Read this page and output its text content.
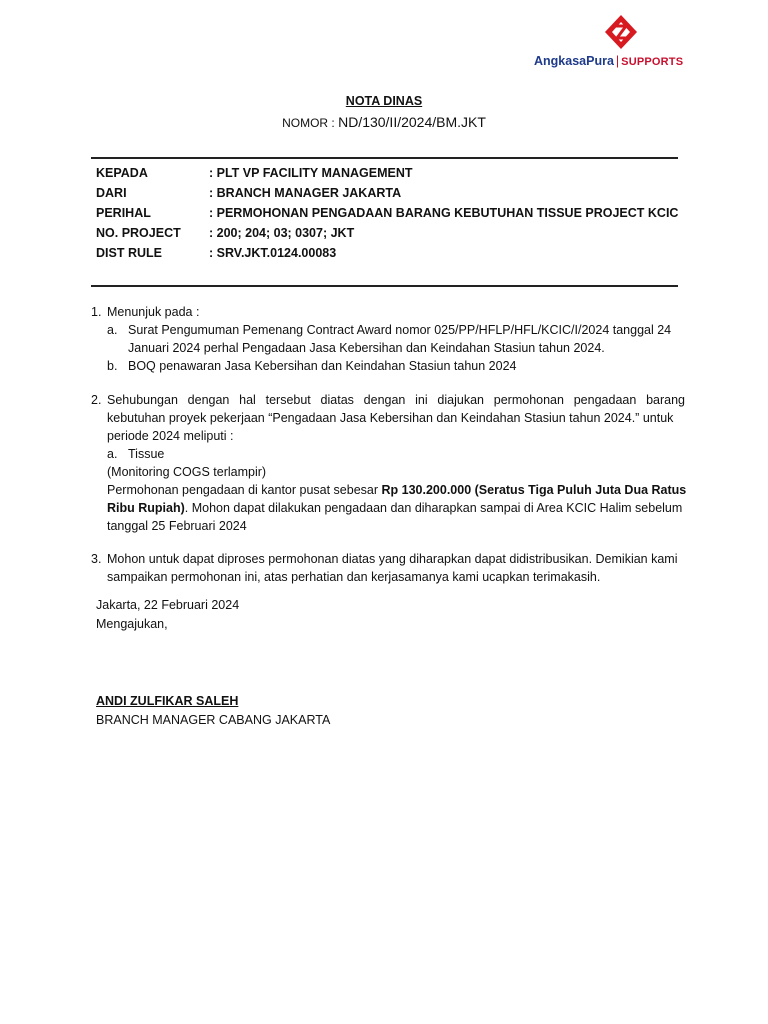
AngkasaPura | SUPPORTS
NOTA DINAS
NOMOR : ND/130/II/2024/BM.JKT
KEPADA	: PLT VP FACILITY MANAGEMENT
DARI	: BRANCH MANAGER JAKARTA
PERIHAL	: PERMOHONAN PENGADAAN BARANG KEBUTUHAN TISSUE PROJECT KCIC
NO. PROJECT : 200; 204; 03; 0307; JKT
DIST RULE	: SRV.JKT.0124.00083
1. Menunjuk pada :
a. Surat Pengumuman Pemenang Contract Award nomor 025/PP/HFLP/HFL/KCIC/I/2024 tanggal 24
Januari 2024 perhal Pengadaan Jasa Kebersihan dan Keindahan Stasiun tahun 2024.
b. BOQ penawaran Jasa Kebersihan dan Keindahan Stasiun tahun 2024
2. Sehubungan dengan hal tersebut diatas dengan ini diajukan permohonan pengadaan barang
kebutuhan proyek pekerjaan “Pengadaan Jasa Kebersihan dan Keindahan Stasiun tahun 2024.” untuk
periode 2024 meliputi :
a. Tissue
(Monitoring COGS terlampir)
Permohonan pengadaan di kantor pusat sebesar Rp 130.200.000 (Seratus Tiga Puluh Juta Dua Ratus
Ribu Rupiah). Mohon dapat dilakukan pengadaan dan diharapkan sampai di Area KCIC Halim sebelum
tanggal 25 Februari 2024
3. Mohon untuk dapat diproses permohonan diatas yang diharapkan dapat didistribusikan. Demikian kami
sampaikan permohonan ini, atas perhatian dan kerjasamanya kami ucapkan terimakasih.
Jakarta, 22 Februari 2024
Mengajukan,
ANDI ZULFIKAR SALEH
BRANCH MANAGER CABANG JAKARTA
